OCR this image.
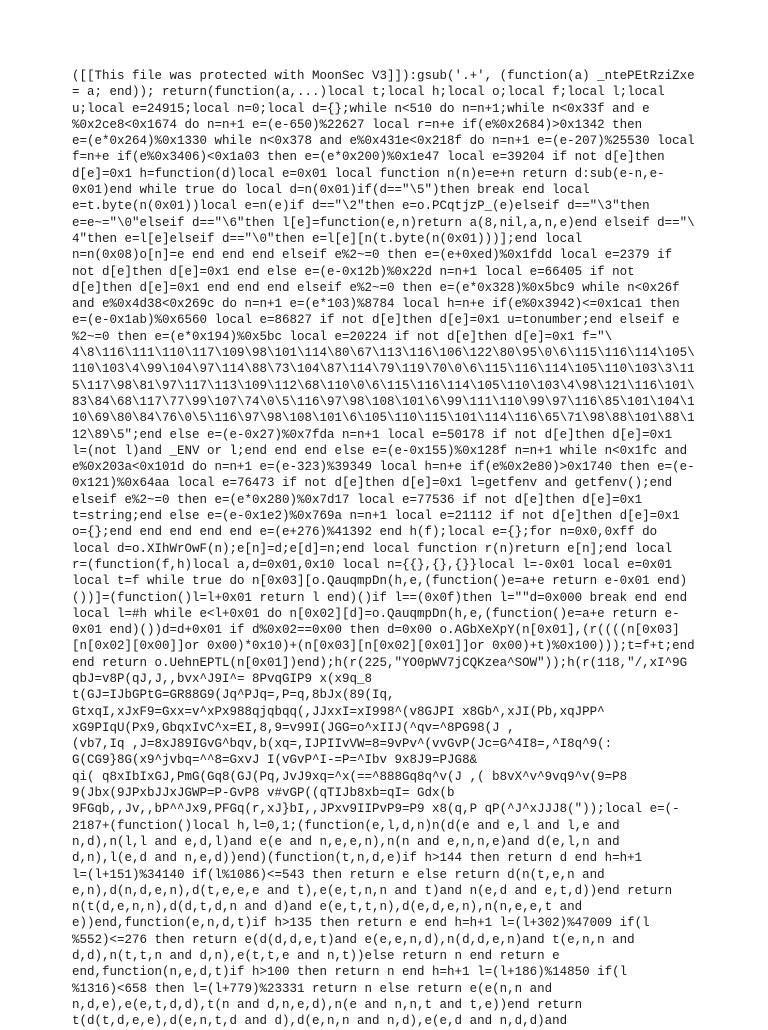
([[This file was protected with MoonSec V3]]):gsub('.+', (function(a) _ntePEtRziZxe
= a; end)); return(function(a,...)local t;local h;local o;local f;local l;local
u;local e=24915;local n=0;local d={};while n<510 do n=n+1;while n<0x33f and e
%0x2ce8<0x1674 do n=n+1 e=(e-650)%22627 local r=n+e if(e%0x2684)>0x1342 then
e=(e*0x264)%0x1330 while n<0x378 and e%0x431e<0x218f do n=n+1 e=(e-207)%25530 local
f=n+e if(e%0x3406)<0x1a03 then e=(e*0x200)%0x1e47 local e=39204 if not d[e]then
d[e]=0x1 h=function(d)local e=0x01 local function n(n)e=e+n return d:sub(e-n,e-
0x01)end while true do local d=n(0x01)if(d=="\5")then break end local
e=t.byte(n(0x01))local e=n(e)if d=="\2"then e=o.PCqtjzP_(e)elseif d=="\3"then
e=e~="\0"elseif d=="\6"then l[e]=function(e,n)return a(8,nil,a,n,e)end elseif d=="\
4"then e=l[e]elseif d=="\0"then e=l[e][n(t.byte(n(0x01)))];end local
n=n(0x08)o[n]=e end end end elseif e%2~=0 then e=(e+0xed)%0x1fdd local e=2379 if
not d[e]then d[e]=0x1 end else e=(e-0x12b)%0x22d n=n+1 local e=66405 if not
d[e]then d[e]=0x1 end end end elseif e%2~=0 then e=(e*0x328)%0x5bc9 while n<0x26f
and e%0x4d38<0x269c do n=n+1 e=(e*103)%8784 local h=n+e if(e%0x3942)<=0x1ca1 then
e=(e-0x1ab)%0x6560 local e=86827 if not d[e]then d[e]=0x1 u=tonumber;end elseif e
%2~=0 then e=(e*0x194)%0x5bc local e=20224 if not d[e]then d[e]=0x1 f="\
4\8\116\111\110\117\109\98\101\114\80\67\113\116\106\122\80\95\0\6\115\116\114\105\
110\103\4\99\104\97\114\88\73\104\87\114\79\119\70\0\6\115\116\114\105\110\103\3\11
5\117\98\81\97\117\113\109\112\68\110\0\6\115\116\114\105\110\103\4\98\121\116\101\
83\84\68\117\77\99\107\74\0\5\116\97\98\108\101\6\99\111\110\99\97\116\85\101\104\1
10\69\80\84\76\0\5\116\97\98\108\101\6\105\110\115\101\114\116\65\71\98\88\101\88\1
12\89\5";end else e=(e-0x27)%0x7fda n=n+1 local e=50178 if not d[e]then d[e]=0x1
l=(not l)and _ENV or l;end end end else e=(e-0x155)%0x128f n=n+1 while n<0x1fc and
e%0x203a<0x101d do n=n+1 e=(e-323)%39349 local h=n+e if(e%0x2e80)>0x1740 then e=(e-
0x121)%0x64aa local e=76473 if not d[e]then d[e]=0x1 l=getfenv and getfenv();end
elseif e%2~=0 then e=(e*0x280)%0x7d17 local e=77536 if not d[e]then d[e]=0x1
t=string;end else e=(e-0x1e2)%0x769a n=n+1 local e=21112 if not d[e]then d[e]=0x1
o={};end end end end end e=(e+276)%41392 end h(f);local e={};for n=0x0,0xff do
local d=o.XIhWrOwF(n);e[n]=d;e[d]=n;end local function r(n)return e[n];end local
r=(function(f,h)local a,d=0x01,0x10 local n={{},{},{}}local l=-0x01 local e=0x01
local t=f while true do n[0x03][o.QauqmpDn(h,e,(function()e=a+e return e-0x01 end)
())]=(function()l=l+0x01 return l end)()if l==(0x0f)then l=""d=0x000 break end end
local l=#h while e<l+0x01 do n[0x02][d]=o.QauqmpDn(h,e,(function()e=a+e return e-
0x01 end)())d=d+0x01 if d%0x02==0x00 then d=0x00 o.AGbXeXpY(n[0x01],(r((((n[0x03]
[n[0x02][0x00]]or 0x00)*0x10)+(n[0x03][n[0x02][0x01]]or 0x00)+t)%0x100)));t=f+t;end
end return o.UehnEPTL(n[0x01])end);h(r(225,"YO0pWV7jCQKzea^SOW"));h(r(118,"/,xI^9G
qbJ=v8P(qJ,J,,bvx^J9I^= 8PvqGIP9 x(x9q_8
t(GJ=IJbGPtG=GR88G9(Jq^PJq=,P=q,8bJx(89(Iq,
GtxqI,xJxF9=Gxx=v^xPx988qjqbqq(,JJxxI=xI998^(v8GJPI x8Gb^,xJI(Pb,xqJPP^
xG9PIqU(Px9,GbqxIvC^x=EI,8,9=v99I(JGG=o^xIIJ(^qv=^8PG98(J ,
(vb7,Iq ,J=8xJ89IGvG^bqv,b(xq=,IJPIIvVW=8=9vPv^(vvGvP(Jc=G^4I8=,^I8q^9(:
G(CG9}8G(x9^jvbq=^^8=GxvJ I(vGvP^I-=P=^Ibv 9x8J9=PJG8&
qi( q8xIbIxGJ,PmG(Gq8(GJ(Pq,JvJ9xq=^x(==^888Gq8q^v(J ,( b8vX^v^9vq9^v(9=P8
9(Jbx(9JPxbJJxJGWP=P-GvP8 v#vGP((qTIJb8xb=qI= Gdx(b
9FGqb,,Jv,,bP^^Jx9,PFGq(r,xJ}bI,,JPxv9IIPvP9=P9 x8(q,P qP(^J^xJJJ8("));local e=(-
2187+(function()local h,l=0,1;(function(e,l,d,n)n(d(e and e,l and l,e and
n,d),n(l,l and e,d,l)and e(e and n,e,e,n),n(n and e,n,n,e)and d(e,l,n and
d,n),l(e,d and n,e,d))end)(function(t,n,d,e)if h>144 then return d end h=h+1
l=(l+151)%34140 if(l%1086)<=543 then return e else return d(n(t,e,n and
e,n),d(n,d,e,n),d(t,e,e,e and t),e(e,t,n,n and t)and n(e,d and e,t,d))end return
n(t(d,e,n,n),d(d,t,d,n and d)and e(e,t,t,n),d(e,d,e,n),n(n,e,e,t and
e))end,function(e,n,d,t)if h>135 then return e end h=h+1 l=(l+302)%47009 if(l
%552)<=276 then return e(d(d,d,e,t)and e(e,e,n,d),n(d,d,e,n)and t(e,n,n and
d,d),n(t,t,n and d,n),e(t,t,e and n,t))else return n end return e
end,function(n,e,d,t)if h>100 then return n end h=h+1 l=(l+186)%14850 if(l
%1316)<658 then l=(l+779)%23331 return n else return e(e(n,n and
n,d,e),e(e,t,d,d),t(n and d,n,e,d),n(e and n,n,t and t,e))end return
t(d(t,d,e,e),d(e,n,t,d and d),d(e,n,n and n,d),e(e,d and n,d,d)and
